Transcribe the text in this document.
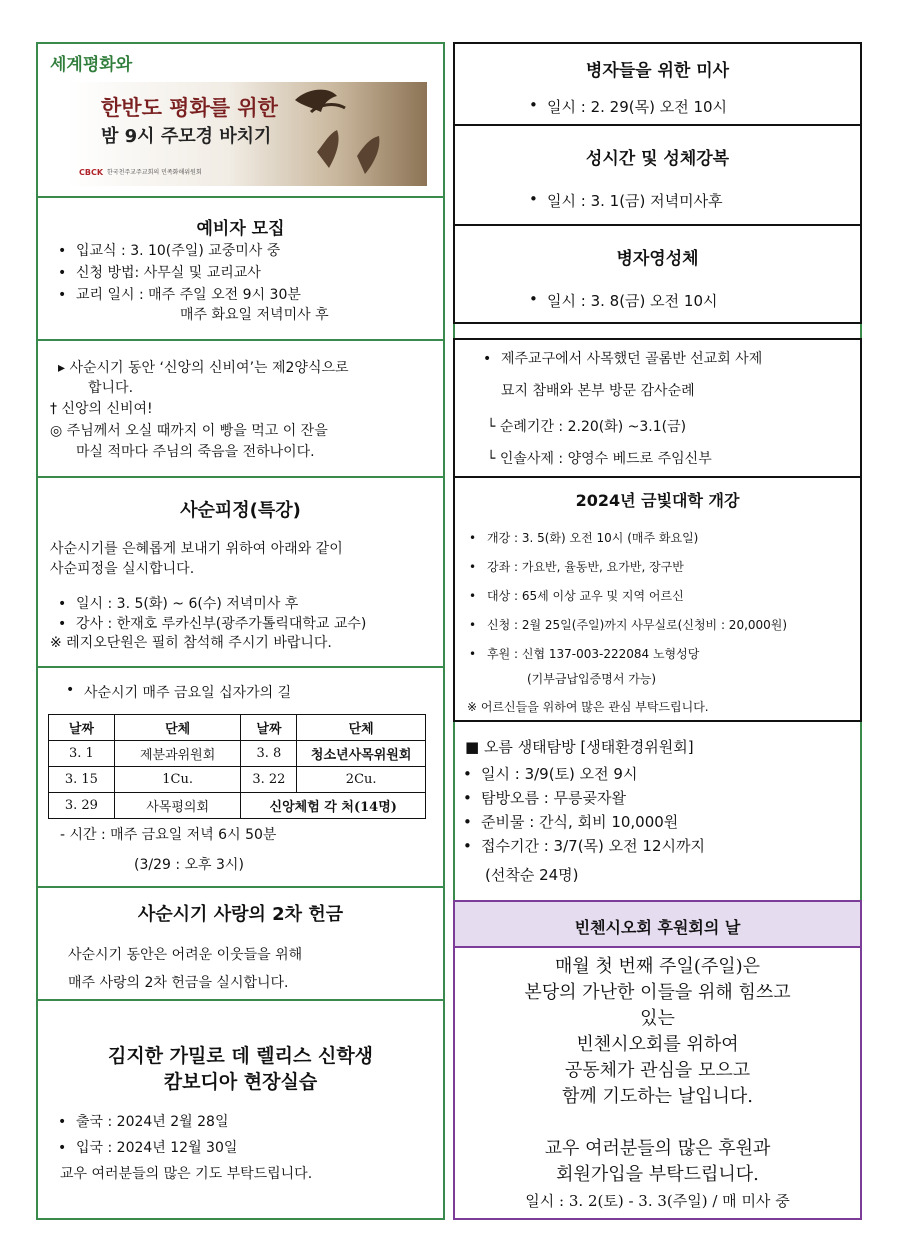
세계평화와
한반도 평화를 위한
밤 9시 주모경 바치기
CBCK 한국천주교주교회의 민족화해위원회
예비자 모집
• 입교식 : 3. 10(주일) 교중미사 중
• 신청 방법: 사무실 및 교리교사
• 교리 일시 : 매주 주일 오전 9시 30분
매주 화요일 저녁미사 후
▸ 사순시기 동안 ‘신앙의 신비여’는 제2양식으로
합니다.
† 신앙의 신비여!
◎ 주님께서 오실 때까지 이 빵을 먹고 이 잔을
마실 적마다 주님의 죽음을 전하나이다.
사순피정(특강)
사순시기를 은혜롭게 보내기 위하여 아래와 같이
사순피정을 실시합니다.
• 일시 : 3. 5(화) ~ 6(수) 저녁미사 후
• 강사 : 한재호 루카신부(광주가톨릭대학교 교수)
※ 레지오단원은 필히 참석해 주시기 바랍니다.
• 사순시기 매주 금요일 십자가의 길
날짜	단체	날짜	단체
3. 1	제분과위원회	3. 8	청소년사목위원회
3. 15	1Cu.	3. 22	2Cu.
3. 29	사목평의회	신앙체험 각 처(14명)	
- 시간 : 매주 금요일 저녁 6시 50분
(3/29 : 오후 3시)
사순시기 사랑의 2차 헌금
사순시기 동안은 어려운 이웃들을 위해
매주 사랑의 2차 헌금을 실시합니다.
김지한 가밀로 데 렐리스 신학생
캄보디아 현장실습
• 출국 : 2024년 2월 28일
• 입국 : 2024년 12월 30일
교우 여러분들의 많은 기도 부탁드립니다.
병자들을 위한 미사
• 일시 : 2. 29(목) 오전 10시
성시간 및 성체강복
• 일시 : 3. 1(금) 저녁미사후
병자영성체
• 일시 : 3. 8(금) 오전 10시
• 제주교구에서 사목했던 골롬반 선교회 사제
묘지 참배와 본부 방문 감사순례
└ 순례기간 : 2.20(화) ~3.1(금)
└ 인솔사제 : 양영수 베드로 주임신부
2024년 금빛대학 개강
• 개강 : 3. 5(화) 오전 10시 (매주 화요일)
• 강좌 : 가요반, 율동반, 요가반, 장구반
• 대상 : 65세 이상 교우 및 지역 어르신
• 신청 : 2월 25일(주일)까지 사무실로(신청비 : 20,000원)
• 후원 : 신협 137-003-222084 노형성당
(기부금납입증명서 가능)
※ 어르신들을 위하여 많은 관심 부탁드립니다.
■ 오름 생태탐방 [생태환경위원회]
• 일시 : 3/9(토) 오전 9시
• 탐방오름 : 무릉곶자왈
• 준비물 : 간식, 회비 10,000원
• 접수기간 : 3/7(목) 오전 12시까지
(선착순 24명)
빈첸시오회 후원회의 날
매월 첫 번째 주일(주일)은
본당의 가난한 이들을 위해 힘쓰고
있는
빈첸시오회를 위하여
공동체가 관심을 모으고
함께 기도하는 날입니다.
교우 여러분들의 많은 후원과
회원가입을 부탁드립니다.
일시 : 3. 2(토) - 3. 3(주일) / 매 미사 중
